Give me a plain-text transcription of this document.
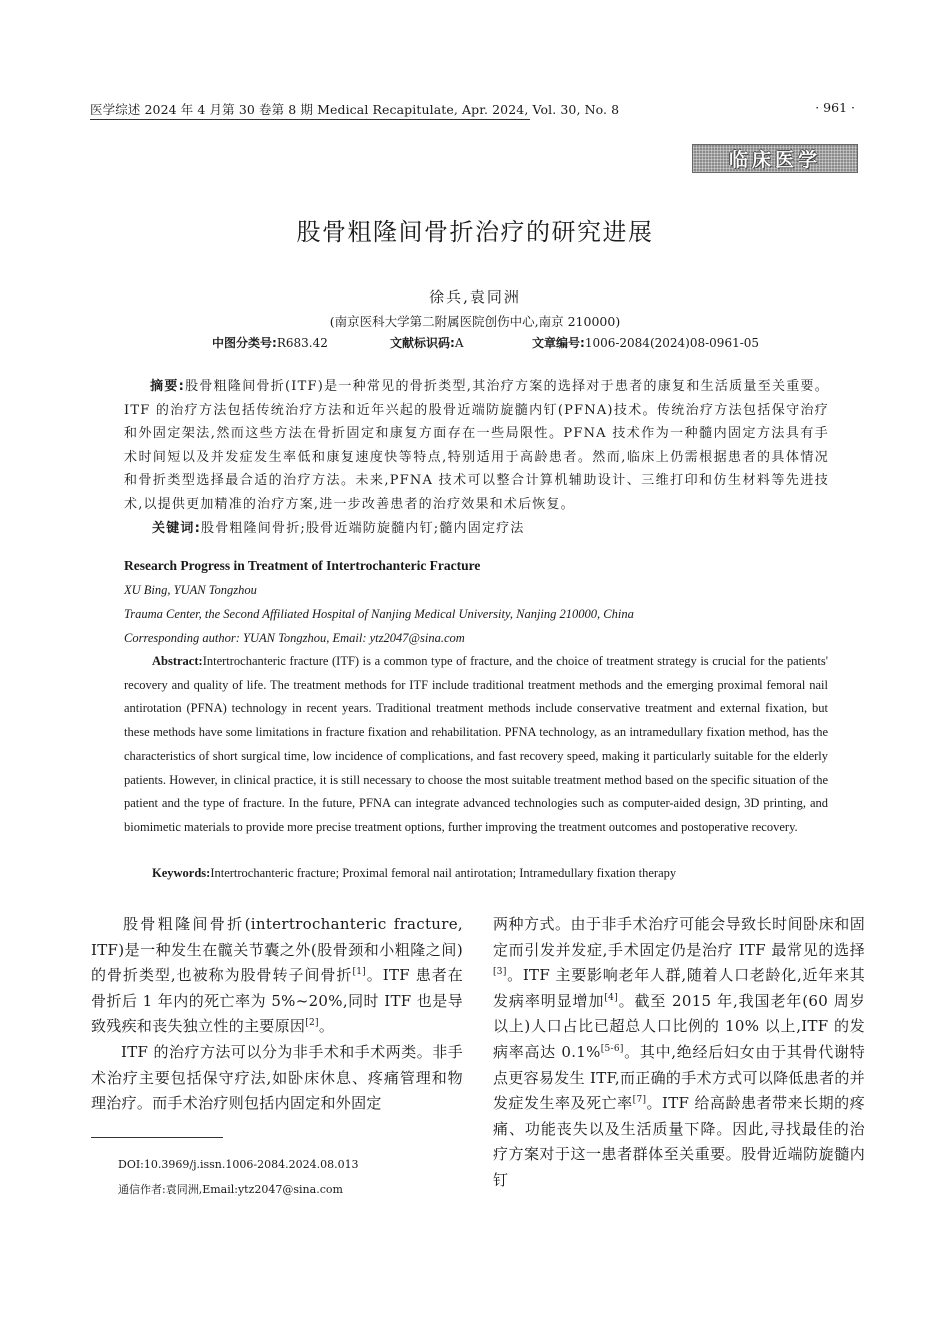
医学综述 2024 年 4 月第 30 卷第 8 期 Medical Recapitulate, Apr. 2024, Vol. 30, No. 8	· 961 ·
临床医学
股骨粗隆间骨折治疗的研究进展
徐兵,袁同洲
(南京医科大学第二附属医院创伤中心,南京 210000)
中图分类号:R683.42	文献标识码:A	文章编号:1006-2084(2024)08-0961-05
摘要:股骨粗隆间骨折(ITF)是一种常见的骨折类型,其治疗方案的选择对于患者的康复和生活质量至关重要。ITF 的治疗方法包括传统治疗方法和近年兴起的股骨近端防旋髓内钉(PFNA)技术。传统治疗方法包括保守治疗和外固定架法,然而这些方法在骨折固定和康复方面存在一些局限性。PFNA 技术作为一种髓内固定方法具有手术时间短以及并发症发生率低和康复速度快等特点,特别适用于高龄患者。然而,临床上仍需根据患者的具体情况和骨折类型选择最合适的治疗方法。未来,PFNA 技术可以整合计算机辅助设计、三维打印和仿生材料等先进技术,以提供更加精准的治疗方案,进一步改善患者的治疗效果和术后恢复。
关键词:股骨粗隆间骨折;股骨近端防旋髓内钉;髓内固定疗法
Research Progress in Treatment of Intertrochanteric Fracture
XU Bing, YUAN Tongzhou
Trauma Center, the Second Affiliated Hospital of Nanjing Medical University, Nanjing 210000, China
Corresponding author: YUAN Tongzhou, Email: ytz2047@sina.com
Abstract:Intertrochanteric fracture (ITF) is a common type of fracture, and the choice of treatment strategy is crucial for the patients' recovery and quality of life. The treatment methods for ITF include traditional treatment methods and the emerging proximal femoral nail antirotation (PFNA) technology in recent years. Traditional treatment methods include conservative treatment and external fixation, but these methods have some limitations in fracture fixation and rehabilitation. PFNA technology, as an intramedullary fixation method, has the characteristics of short surgical time, low incidence of complications, and fast recovery speed, making it particularly suitable for the elderly patients. However, in clinical practice, it is still necessary to choose the most suitable treatment method based on the specific situation of the patient and the type of fracture. In the future, PFNA can integrate advanced technologies such as computer-aided design, 3D printing, and biomimetic materials to provide more precise treatment options, further improving the treatment outcomes and postoperative recovery.
Keywords:Intertrochanteric fracture; Proximal femoral nail antirotation; Intramedullary fixation therapy

股骨粗隆间骨折(intertrochanteric fracture, ITF)是一种发生在髋关节囊之外(股骨颈和小粗隆之间)的骨折类型,也被称为股骨转子间骨折[1]。ITF 患者在骨折后 1 年内的死亡率为 5%~20%,同时 ITF 也是导致残疾和丧失独立性的主要原因[2]。

ITF 的治疗方法可以分为非手术和手术两类。非手术治疗主要包括保守疗法,如卧床休息、疼痛管理和物理治疗。而手术治疗则包括内固定和外固定

两种方式。由于非手术治疗可能会导致长时间卧床和固定而引发并发症,手术固定仍是治疗 ITF 最常见的选择[3]。ITF 主要影响老年人群,随着人口老龄化,近年来其发病率明显增加[4]。截至 2015 年,我国老年(60 周岁以上)人口占比已超总人口比例的 10% 以上,ITF 的发病率高达 0.1%[5-6]。其中,绝经后妇女由于其骨代谢特点更容易发生 ITF,而正确的手术方式可以降低患者的并发症发生率及死亡率[7]。ITF 给高龄患者带来长期的疼痛、功能丧失以及生活质量下降。因此,寻找最佳的治疗方案对于这一患者群体至关重要。股骨近端防旋髓内钉

DOI:10.3969/j.issn.1006-2084.2024.08.013
通信作者:袁同洲,Email:ytz2047@sina.com
